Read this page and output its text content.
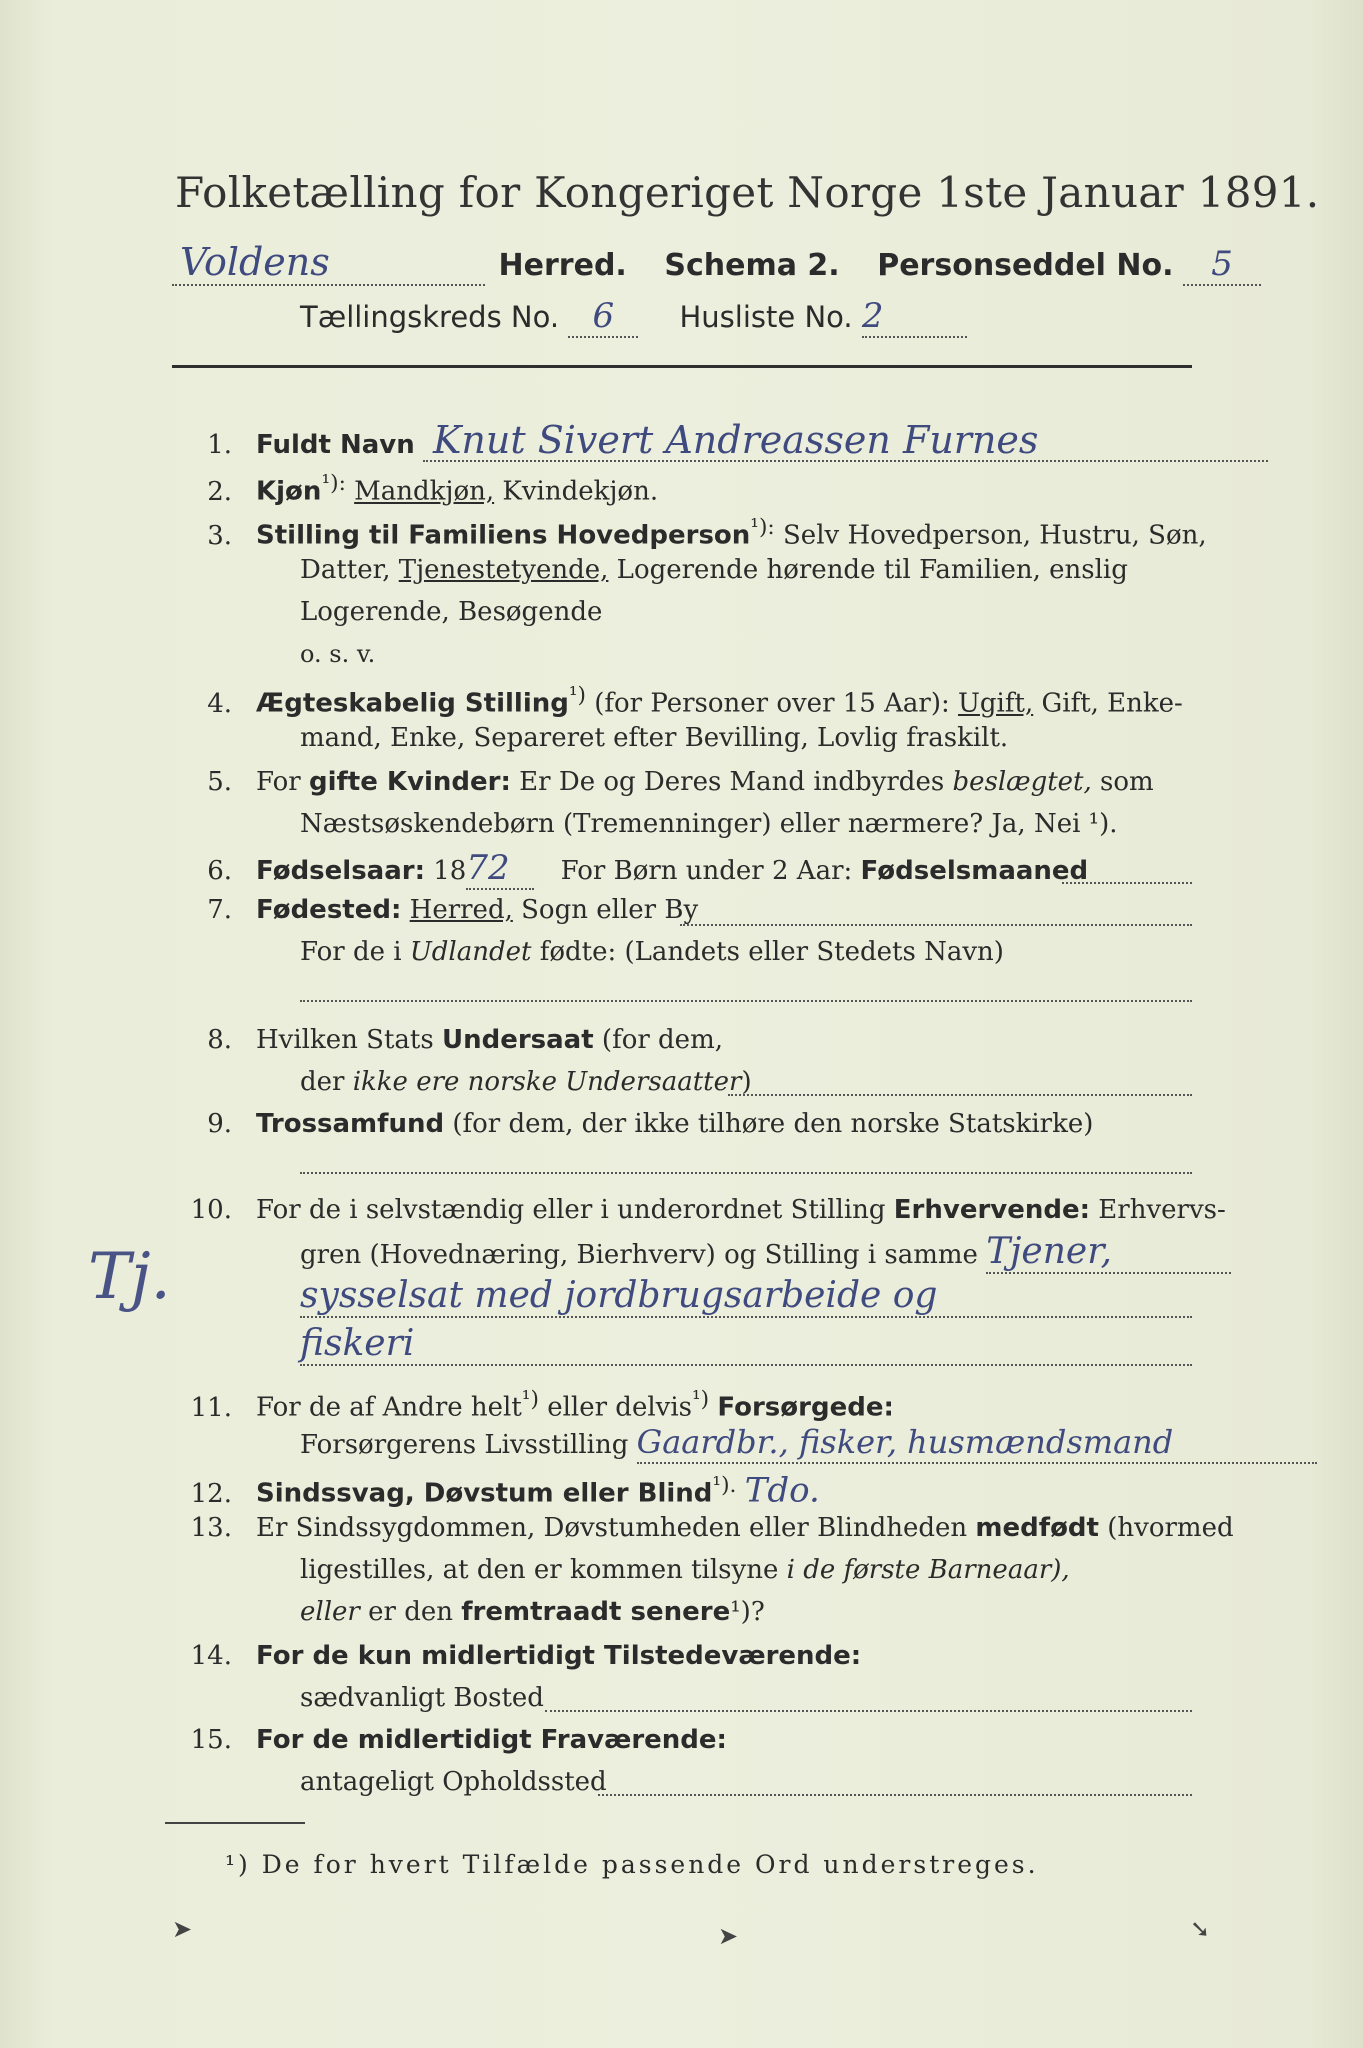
Folketælling for Kongeriget Norge 1ste Januar 1891.
Voldens	Herred. Schema 2. Personseddel No. 5
Tællingskreds No. 6 Husliste No. 2
1. Fuldt Navn Knut Sivert Andreassen Furnes
2. Kjøn$^{^1):}$ Mandkjøn, Kvindekjøn.
3. Stilling til Familiens Hovedperson$^{^1):}$ Selv Hovedperson, Hustru, Søn,
Datter, Tjenestetyende, Logerende hørende til Familien, enslig
Logerende, Besøgende
o. s. v.
4. Ægteskabelig Stilling$^{^1)}$ (for Personer over 15 Aar): Ugift, Gift, Enke-
mand, Enke, Separeret efter Bevilling, Lovlig fraskilt.
5. For gifte Kvinder: Er De og Deres Mand indbyrdes beslægtet, som
Næstsøskendebørn (Tremenninger) eller nærmere? Ja, Nei ¹).
6. Fødselsaar: 1872 For Børn under 2 Aar: Fødselsmaaned
7. Fødested: Herred, Sogn eller By
For de i Udlandet fødte: (Landets eller Stedets Navn)
8. Hvilken Stats Undersaat (for dem,
der ikke ere norske Undersaatter)
9. Trossamfund (for dem, der ikke tilhøre den norske Statskirke)
10. For de i selvstændig eller i underordnet Stilling Erhvervende: Erhvervs-
gren (Hovednæring, Bierhverv) og Stilling i samme Tjener,
sysselsat med jordbrugsarbeide og
fiskeri
Tj.
11. For de af Andre helt$^{^1)}$ eller delvis$^{^1)}$ Forsørgede:
Forsørgerens Livsstilling Gaardbr., fisker, husmændsmand
12. Sindssvag, Døvstum eller Blind$^{^1).}$ Tdo.
13. Er Sindssygdommen, Døvstumheden eller Blindheden medfødt (hvormed
ligestilles, at den er kommen tilsyne i de første Barneaar),
eller er den fremtraadt senere¹)?
14. For de kun midlertidigt Tilstedeværende:
sædvanligt Bosted
15. For de midlertidigt Fraværende:
antageligt Opholdssted
¹) De for hvert Tilfælde passende Ord understreges.
➤	➤	➘
